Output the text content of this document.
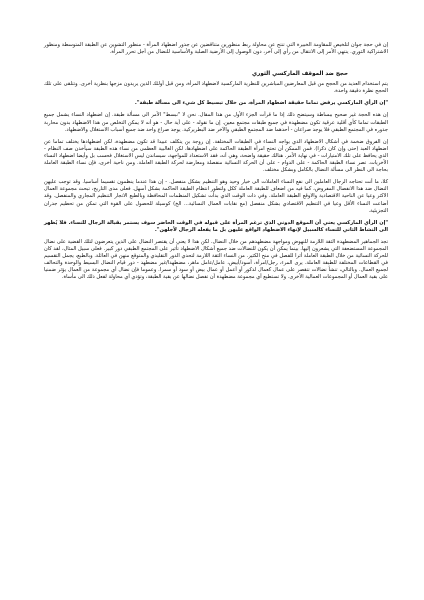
إن في حجة جوان لتلخيص للمقاومة الخبيرة التي تنتج عن محاولة ربط منظورين متناقضين عن جذور اضطهاد المرأة - منظور التشوين عن الطبقة المتوسطة ومنظور الاشتراكية الثوري. ينتهي الأمر إلى الانتقال من رأي إلى آخر، دون الوصول إلى الأرضية الصلبة والأساسية للنضال من أجل تحرر المرأة.

حجج ضد الموقف الماركسي الثوري

يتم استخدام العديد من الحجج من قبل المعارضين المباشرين للنظرية الماركسية لاضطهاد المرأة، ومن قبل أولئك الذين يريدون مزجها بنظرية أخرى. وتتلقى على تلك الحجج نظرة دقيقة واحدة.

"إن الرأي الماركسي يرفض تماما حقيقة اضطهاد المرأة، من خلال تبسيط كل شيء الى مسألة طبقة".

إن هذه الحجة غير صحيح ببساطة وسيتضح ذلك إذا ما قرأت الجزء الأول من هذا المقال. نحن لا "نبسط" الأمر الى مسألة طبقة. إن اضطهاد النساء يشمل جميع الطبقات تماما كأي أقلية عرقية تكون مضطهدة في جميع طبقات مجتمع معين. إن ما نقوله - على أية حال - هو أنه لا يمكن التخلص من هذا الاضطهاد بدون محاربة جذوره في المجتمع الطبقي فلا يوجد صراعان - أحدهما ضد المجتمع الطبقي والآخر ضد البطريركية. يوجد صراع واحد ضد جميع أسباب الاستغلال والاضطهاد.

إن الفروق ضخمة في أشكال الاضطهاد الذي يواجه النساء في الطبقات المختلفة. إن زوجة بن يتكلف عبيدا قد تكون مضطهدة، لكن اضطهادها يختلف تماما عن اضطهاد العبد (حتى وإن كان ذكرا). فمن الممكن أن تحتج امرأة الطبقة الحاكمة على اضطهادها، لكن الغالبية العظمى من نساء هذه الطبقة سيأخذن صف النظام - الذي يحافظ على تلك الامتيازات - في نهاية الأمر. هنالك حقيقة واضحة، وهي أنه، فقد الاستعداد للمواجهة، سيساندن ليس الاستغلال فحسب بل وأيضا اضطهاد النساء الأخريات. تصر نساء الطبقة الحاكمة - على الدوام - على أن الحركة النسائية منفصلة ومعارضة لحركة الطبقة العاملة. ومن ناحية أخرى، فإن نساء الطبقة العاملة بحاجة الى النظر الى مسألة النضال بالكامل وبشكل مختلف.

كلا، ما أنت تحتاجه الرجال العاملين الى نفع النساء العاملات الى خيار وحيد وهو التنظيم بشكل منفصل. - إن هذا عندما ينظمون تقسيما أساسيا. وقد توجب عليهن النضال ضد هذا الانفصال المفروض، كما فيه من اضعاف للطبقة العاملة ككل ولتطور انتظام الطبقة الحاكمة بشكل أسهل. فعلى مدى التاريخ، تبحث مجموعة العمال الاكثر وعيا عن الناحية الاقتصادية والاوقع الطبقة العاملة. وفي ذات الوقت الذي بدأت تشكيل المنظمات المحافظة وبالطبع الاتجار التنظيم المجازي والمنفصل. وقد أضاعت النساء الأقل وعيا في التنظيم الاقتصادي بشكل منفصل (مع نقابات العمال النسائية... الخ) كوسيلة للحصول على القوة التي تمكن من تحطيم جدران التجزيئية.

"إن الرأي الماركسي يعني أن الموقع الدوني الذي ترغم المرأة على قبوله في الوقت الحاضر سوف يستمر بقبالة الرجال للنساء. فلا يُظهر الى النشاط الثاني للنساء كالسبيل لإنهاء الاضطهاد الواقع عليهن بل ما يفعله الرجال لأجلهن".

تجد الجماهير المضطهدة الثقة اللازمة للنهوض ومواجهة مضطهدهم من خلال النضال. لكن هذا لا يعني أن يقتصر النضال على الذين يتعرضون لتلك القضية على نضال المجموعة المستضعفة التي يشعرون إليها. بينما يمكن أن يكون للنضالات ضد جميع أشكال الاضطهاد تأثير على المجتمع الطبقي دور كبير. فعلى سبيل المثال، لقد كان للحركة النسائية من خلال الطبقة العاملة أثرا للفصل في منح الكثير. من النساء الثقة اللازمة لتحدي الدور التقليدي والمتوقع منهن في العائلة. وبالطبع، يجمل التقسيم في القطاعات المختلفة للطبقة العاملة. يرى المرء، رجل/امرأة، أسود/أبيض، عامل/عامل ماهر، مضطهدا/غير مضطهد - دور قيام النضال البسيط والوحدة والتحالف لجميع العمال. وبالتالي، تنشأ نضالات تتقصر على عمال كعمال لذكور أو أعمل أو عمال بيض أو سود أو سمرا. وعموما فإن نضال أي مجموعة من العمال يؤثر ضمنيا على بقية العمال أو المجموعات العمالية الأخرى. ولا تستطيع أي مجموعة مضطهدة أن تفصل نضالها عن بقية الطبقة، وتؤدي أي محاولة لفعل ذلك الى مأساة.
